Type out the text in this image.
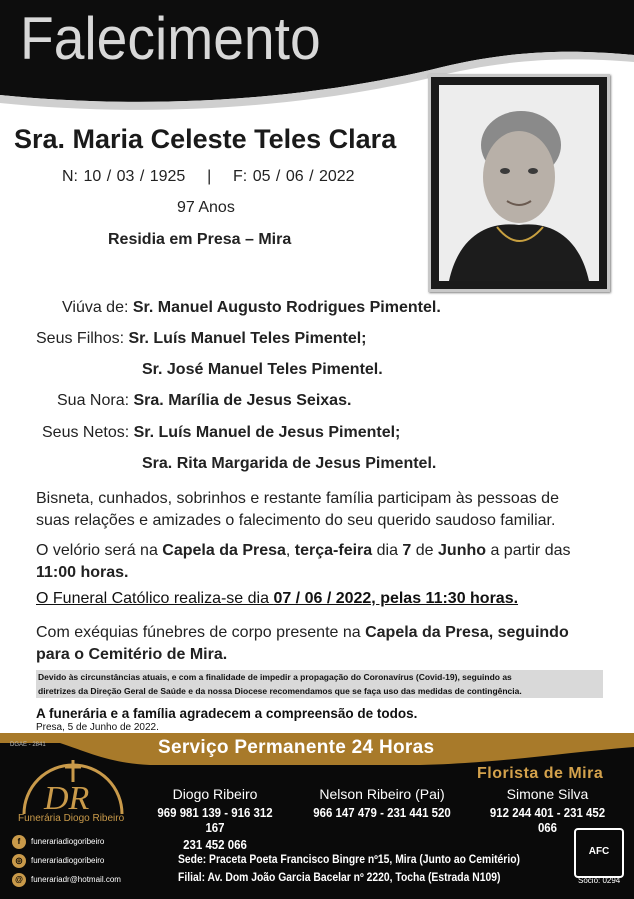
Falecimento
Sra. Maria Celeste Teles Clara
N: 10 / 03 / 1925    |    F: 05 / 06 / 2022
97 Anos
Residia em Presa – Mira
Viúva de: Sr. Manuel Augusto Rodrigues Pimentel.
Seus Filhos: Sr. Luís Manuel Teles Pimentel;
Sr. José Manuel Teles Pimentel.
Sua Nora: Sra. Marília de Jesus Seixas.
Seus Netos: Sr. Luís Manuel de Jesus Pimentel;
Sra. Rita Margarida de Jesus Pimentel.
Bisneta, cunhados, sobrinhos e restante família participam às pessoas de
suas relações e amizades o falecimento do seu querido saudoso familiar.
O velório será na Capela da Presa, terça-feira dia 7 de Junho a partir das
11:00 horas.
O Funeral Católico realiza-se dia 07 / 06 / 2022, pelas 11:30 horas.
Com exéquias fúnebres de corpo presente na Capela da Presa, seguindo
para o Cemitério de Mira.
Devido às circunstâncias atuais, e com a finalidade de impedir a propagação do Coronavírus (Covid-19), seguindo as
diretrizes da Direção Geral de Saúde e da nossa Diocese recomendamos que se faça uso das medidas de contingência.
A funerária e a família agradecem a compreensão de todos.
Presa, 5 de Junho de 2022.
DGAE - 2841	Serviço Permanente 24 Horas
DR
Funerária Diogo Ribeiro
f funerariadiogoribeiro
◎ funerariadiogoribeiro
@ funerariadr@hotmail.com
Florista de Mira
Diogo Ribeiro
969 981 139 - 916 312 167
231 452 066
Nelson Ribeiro (Pai)
966 147 479 - 231 441 520
Simone Silva
912 244 401 - 231 452 066
Sede: Praceta Poeta Francisco Bingre nº15, Mira (Junto ao Cemitério)
Filial: Av. Dom João Garcia Bacelar nº 2220, Tocha (Estrada N109)
AFC
Sócio: 0294
